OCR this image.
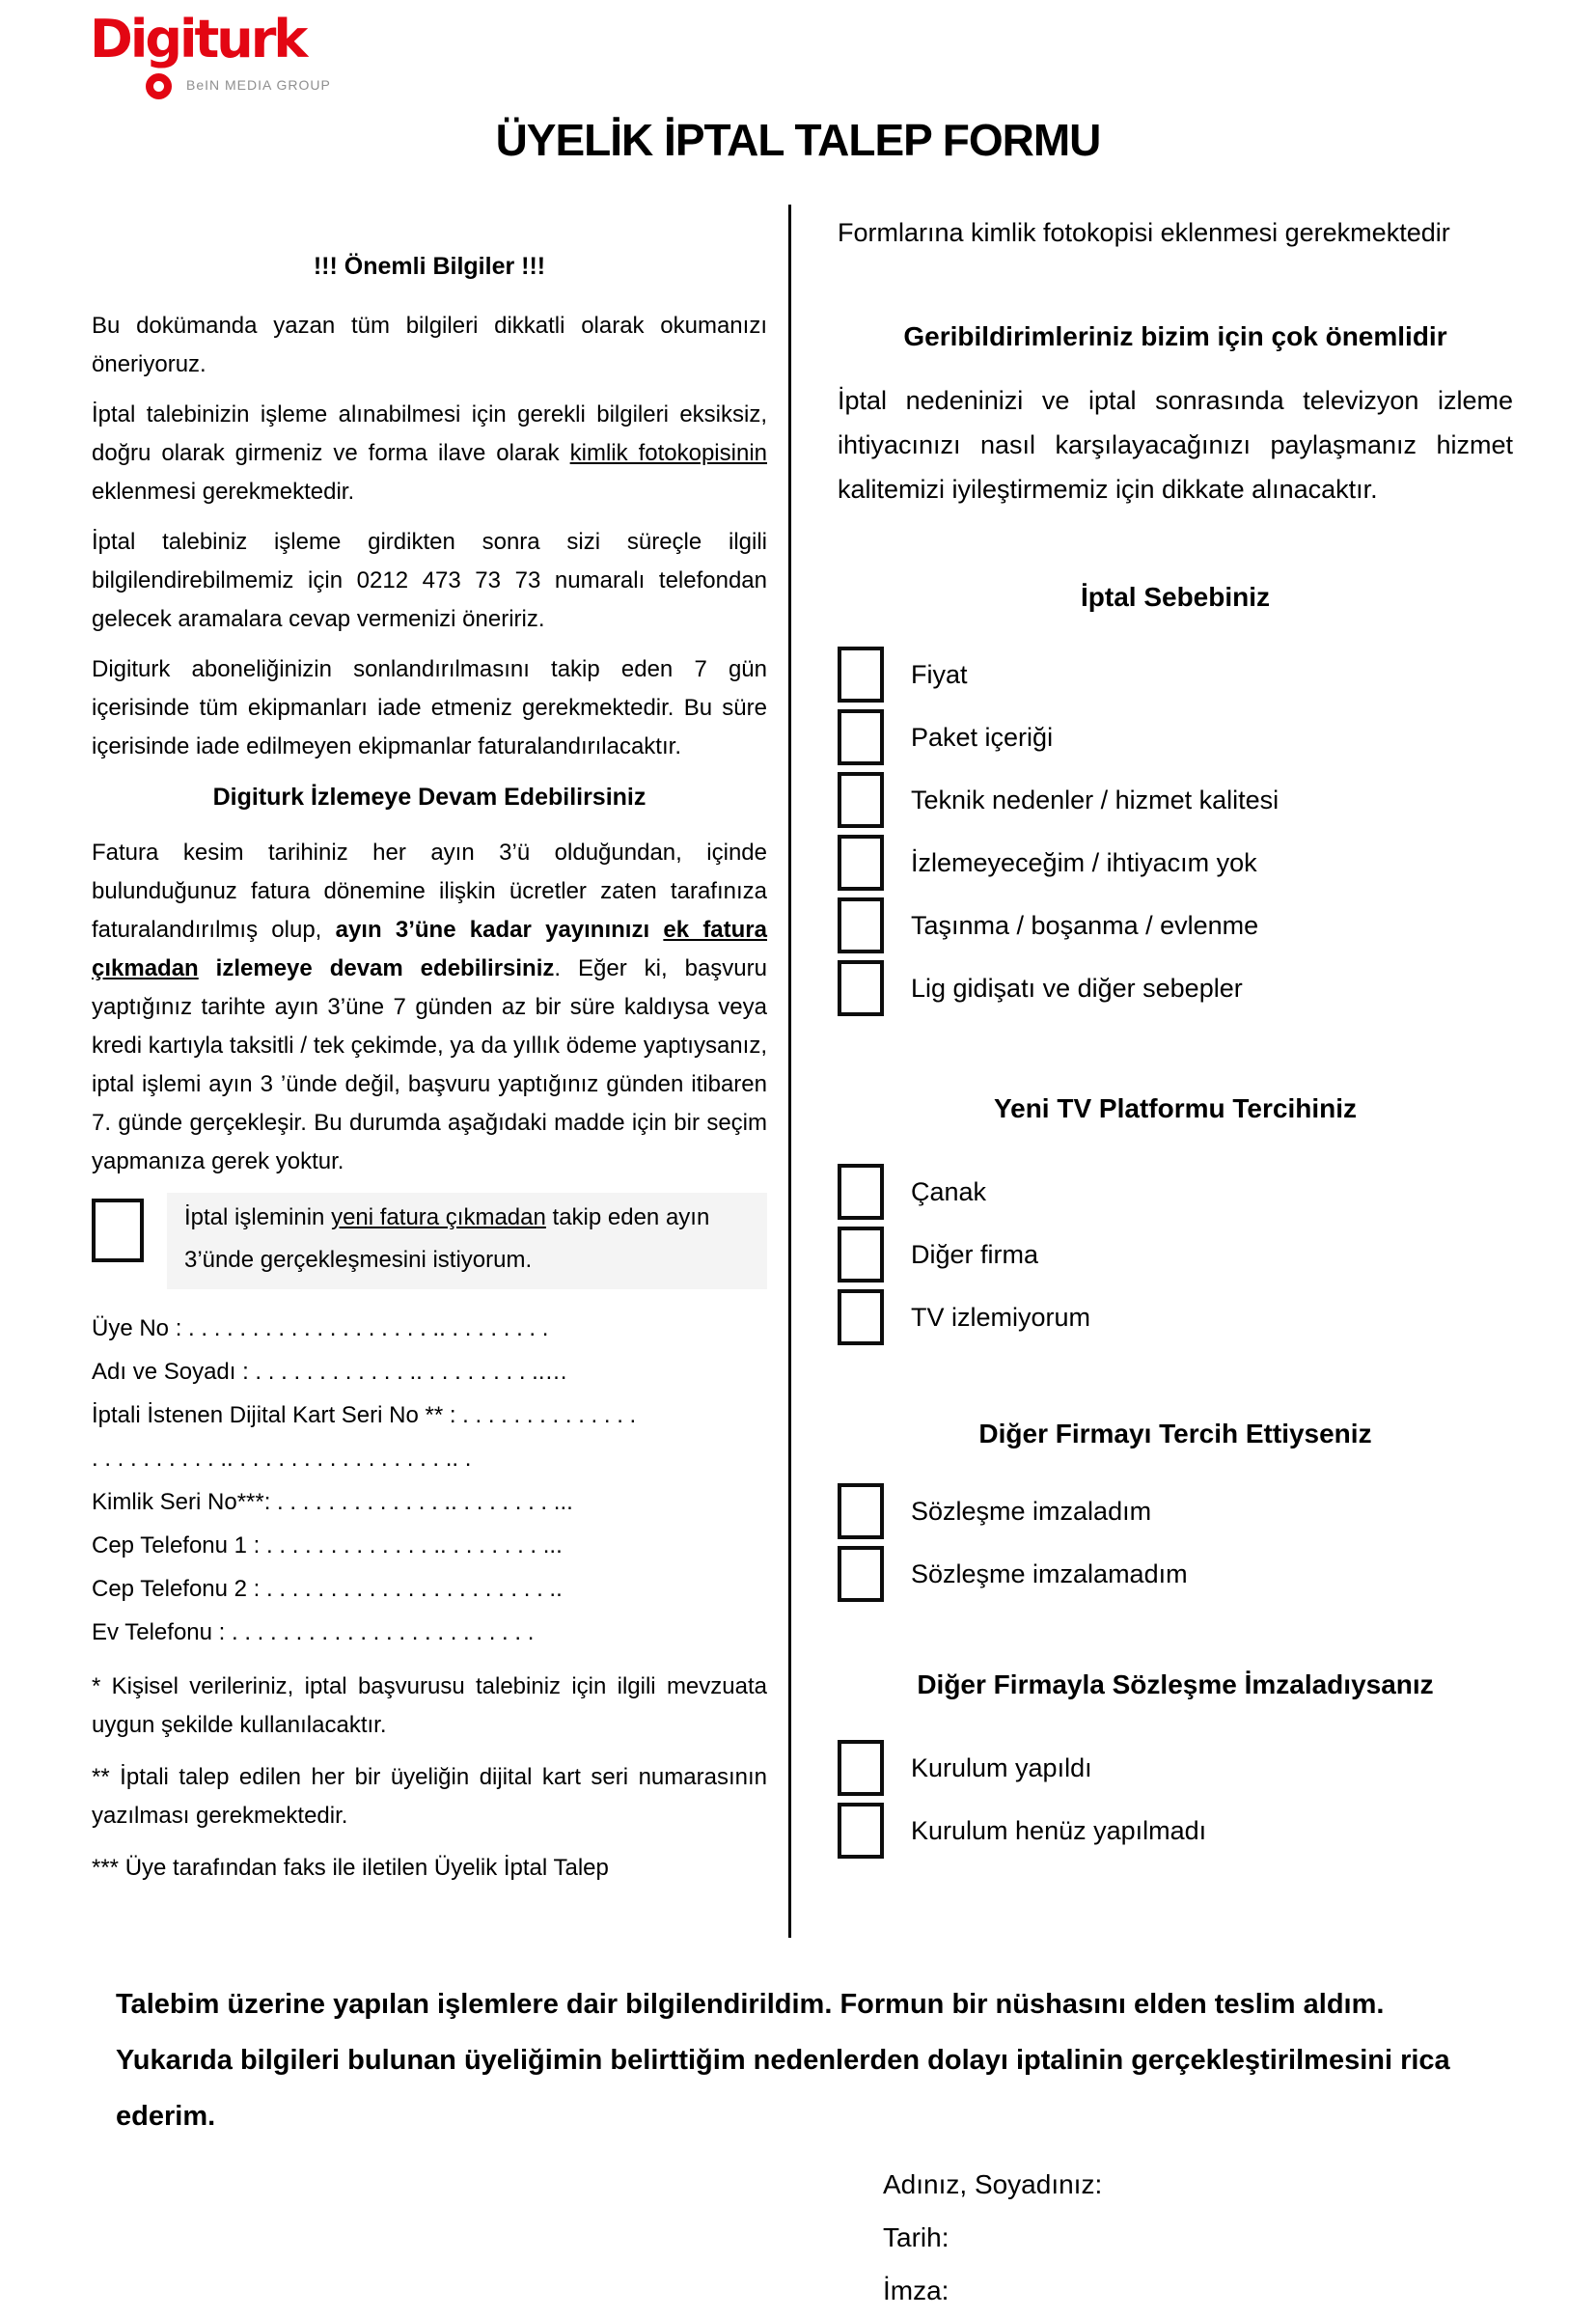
Digiturk
BeIN MEDIA GROUP
ÜYELİK İPTAL TALEP FORMU
!!! Önemli Bilgiler !!!

Bu dokümanda yazan tüm bilgileri dikkatli olarak okumanızı öneriyoruz.

İptal talebinizin işleme alınabilmesi için gerekli bilgileri eksiksiz, doğru olarak girmeniz ve forma ilave olarak kimlik fotokopisinin eklenmesi gerekmektedir.

İptal talebiniz işleme girdikten sonra sizi süreçle ilgili bilgilendirebilmemiz için 0212 473 73 73 numaralı telefondan gelecek aramalara cevap vermenizi öneririz.

Digiturk aboneliğinizin sonlandırılmasını takip eden 7 gün içerisinde tüm ekipmanları iade etmeniz gerekmektedir. Bu süre içerisinde iade edilmeyen ekipmanlar faturalandırılacaktır.

Digiturk İzlemeye Devam Edebilirsiniz

Fatura kesim tarihiniz her ayın 3’ü olduğundan, içinde bulunduğunuz fatura dönemine ilişkin ücretler zaten tarafınıza faturalandırılmış olup, ayın 3’üne kadar yayınınızı ek fatura çıkmadan izlemeye devam edebilirsiniz. Eğer ki, başvuru yaptığınız tarihte ayın 3’üne 7 günden az bir süre kaldıysa veya kredi kartıyla taksitli / tek çekimde, ya da yıllık ödeme yaptıysanız, iptal işlemi ayın 3 ’ünde değil, başvuru yaptığınız günden itibaren 7. günde gerçekleşir. Bu durumda aşağıdaki madde için bir seçim yapmanıza gerek yoktur.

İptal işleminin yeni fatura çıkmadan takip eden ayın 3’ünde gerçekleşmesini istiyorum.
Üye No : . . . . . . . . . . . . . . . . . . . .. . . . . . . . .
Adı ve Soyadı : . . . . . . . . . . . . .. . . . . . . . . ..…
İptali İstenen Dijital Kart Seri No ** : . . . . . . . . . . . . . .
. . . . . . . . . . .. . . . . . . . . . . . . . . . . .. .
Kimlik Seri No***: . . . . . . . . . . . . . .. . . . . . . . ...
Cep Telefonu 1 : . . . . . . . . . . . . . .. . . . . . . . ...
Cep Telefonu 2 : . . . . . . . . . . . . . . . . . . . . . . ..
Ev Telefonu : . . . . . . . . . . . . . . . . . . . . . . . .

* Kişisel verileriniz, iptal başvurusu talebiniz için ilgili mevzuata uygun şekilde kullanılacaktır.

** İptali talep edilen her bir üyeliğin dijital kart seri numarasının yazılması gerekmektedir.

*** Üye tarafından faks ile iletilen Üyelik İptal Talep

Formlarına kimlik fotokopisi eklenmesi gerekmektedir

Geribildirimleriniz bizim için çok önemlidir

İptal nedeninizi ve iptal sonrasında televizyon izleme ihtiyacınızı nasıl karşılayacağınızı paylaşmanız hizmet kalitemizi iyileştirmemiz için dikkate alınacaktır.

İptal Sebebiniz
Fiyat
Paket içeriği
Teknik nedenler / hizmet kalitesi
İzlemeyeceğim / ihtiyacım yok
Taşınma / boşanma / evlenme
Lig gidişatı ve diğer sebepler
Yeni TV Platformu Tercihiniz
Çanak
Diğer firma
TV izlemiyorum
Diğer Firmayı Tercih Ettiyseniz
Sözleşme imzaladım
Sözleşme imzalamadım
Diğer Firmayla Sözleşme İmzaladıysanız
Kurulum yapıldı
Kurulum henüz yapılmadı

Talebim üzerine yapılan işlemlere dair bilgilendirildim. Formun bir nüshasını elden teslim aldım.

Yukarıda bilgileri bulunan üyeliğimin belirttiğim nedenlerden dolayı iptalinin gerçekleştirilmesini rica ederim.

Adınız, Soyadınız:
Tarih:
İmza:
